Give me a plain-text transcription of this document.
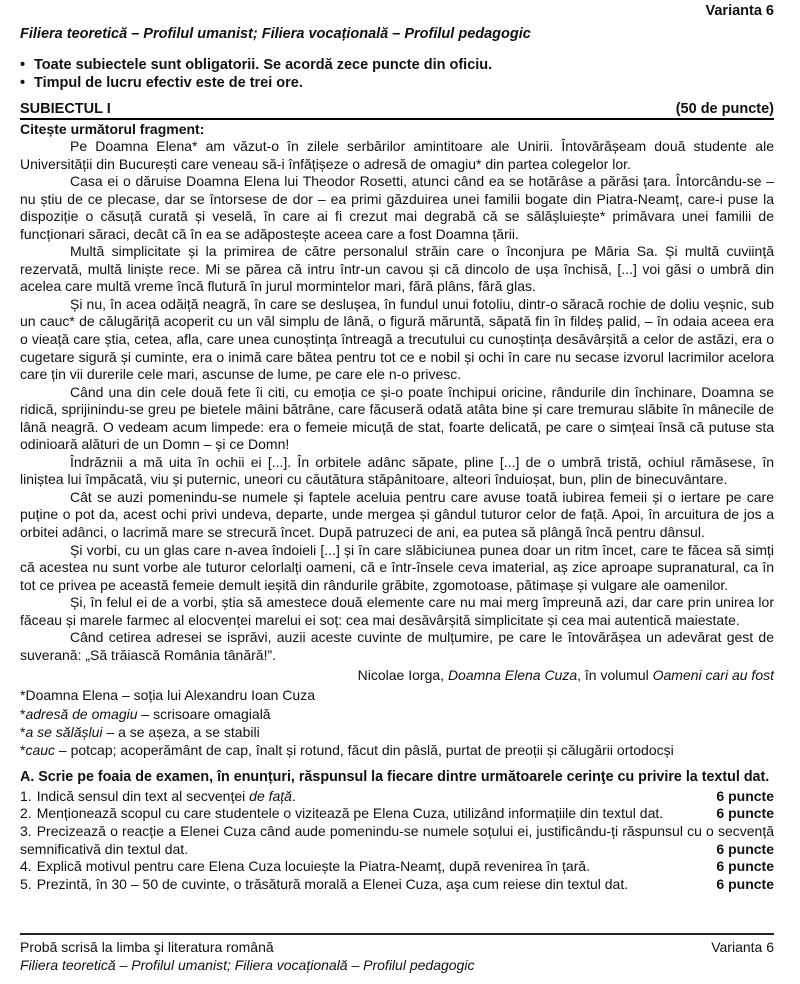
Varianta 6
Filiera teoretică – Profilul umanist; Filiera vocațională – Profilul pedagogic
• Toate subiectele sunt obligatorii. Se acordă zece puncte din oficiu.
• Timpul de lucru efectiv este de trei ore.
SUBIECTUL I	(50 de puncte)
Citește următorul fragment:

Pe Doamna Elena* am văzut-o în zilele serbărilor amintitoare ale Unirii. Întovărășeam două studente ale Universității din București care veneau să-i înfățișeze o adresă de omagiu* din partea colegelor lor.

Casa ei o dăruise Doamna Elena lui Theodor Rosetti, atunci când ea se hotărâse a părăsi țara. Întorcându-se – nu știu de ce plecase, dar se întorsese de dor – ea primi găzduirea unei familii bogate din Piatra-Neamț, care-i puse la dispoziție o căsuță curată și veselă, în care ai fi crezut mai degrabă că se sălășluiește* primăvara unei familii de funcționari săraci, decât că în ea se adăpostește aceea care a fost Doamna țării.

Multă simplicitate și la primirea de către personalul străin care o înconjura pe Măria Sa. Și multă cuviință rezervată, multă liniște rece. Mi se părea că intru într-un cavou și că dincolo de ușa închisă, [...] voi găsi o umbră din acelea care multă vreme încă flutură în jurul mormintelor mari, fără plâns, fără glas.

Și nu, în acea odăiță neagră, în care se deslușea, în fundul unui fotoliu, dintr-o săracă rochie de doliu veșnic, sub un cauc* de călugăriță acoperit cu un văl simplu de lână, o figură măruntă, săpată fin în fildeș palid, – în odaia aceea era o vieață care știa, cetea, afla, care unea cunoștința întreagă a trecutului cu cunoștința desăvârșită a celor de astăzi, era o cugetare sigură și cuminte, era o inimă care bătea pentru tot ce e nobil și ochi în care nu secase izvorul lacrimilor acelora care țin vii durerile cele mari, ascunse de lume, pe care ele n-o privesc.

Când una din cele două fete îi citi, cu emoția ce și-o poate închipui oricine, rândurile din închinare, Doamna se ridică, sprijinindu-se greu pe bietele mâini bătrâne, care făcuseră odată atâta bine și care tremurau slăbite în mânecile de lână neagră. O vedeam acum limpede: era o femeie micuță de stat, foarte delicată, pe care o simțeai însă că putuse sta odinioară alături de un Domn – și ce Domn!

Îndrăznii a mă uita în ochii ei [...]. În orbitele adânc săpate, pline [...] de o umbră tristă, ochiul rămăsese, în liniștea lui împăcată, viu și puternic, uneori cu căutătura stăpânitoare, alteori înduioșat, bun, plin de binecuvântare.

Cât se auzi pomenindu-se numele și faptele aceluia pentru care avuse toată iubirea femeii și o iertare pe care puține o pot da, acest ochi privi undeva, departe, unde mergea și gândul tuturor celor de față. Apoi, în arcuitura de jos a orbitei adânci, o lacrimă mare se strecură încet. După patruzeci de ani, ea putea să plângă încă pentru dânsul.

Și vorbi, cu un glas care n-avea îndoieli [...] și în care slăbiciunea punea doar un ritm încet, care te făcea să simți că acestea nu sunt vorbe ale tuturor celorlalți oameni, că e într-însele ceva imaterial, aș zice aproape supranatural, ca în tot ce privea pe această femeie demult ieșită din rândurile grăbite, zgomotoase, pătimașe și vulgare ale oamenilor.

Și, în felul ei de a vorbi, știa să amestece două elemente care nu mai merg împreună azi, dar care prin unirea lor făceau și marele farmec al elocvenței marelui ei soț: cea mai desăvârșită simplicitate și cea mai autentică maiestate.

Când cetirea adresei se isprăvi, auzii aceste cuvinte de mulțumire, pe care le întovărășea un adevărat gest de suverană: „Să trăiască România tânără!”.

Nicolae Iorga, Doamna Elena Cuza, în volumul Oameni cari au fost
*Doamna Elena – soția lui Alexandru Ioan Cuza
*adresă de omagiu – scrisoare omagială
*a se sălășlui – a se așeza, a se stabili
*cauc – potcap; acoperământ de cap, înalt și rotund, făcut din pâslă, purtat de preoții și călugării ortodocși
A. Scrie pe foaia de examen, în enunțuri, răspunsul la fiecare dintre următoarele cerinţe cu privire la textul dat.
1. Indică sensul din text al secvenței de față.	6 puncte
2. Menționează scopul cu care studentele o vizitează pe Elena Cuza, utilizând informațiile din textul dat.	6 puncte
3. Precizează o reacție a Elenei Cuza când aude pomenindu-se numele soțului ei, justificându-ți răspunsul cu o secvență semnificativă din textul dat.	6 puncte
4. Explică motivul pentru care Elena Cuza locuiește la Piatra-Neamț, după revenirea în țară.	6 puncte
5. Prezintă, în 30 – 50 de cuvinte, o trăsătură morală a Elenei Cuza, aşa cum reiese din textul dat.	6 puncte
Probă scrisă la limba şi literatura română
Filiera teoretică – Profilul umanist; Filiera vocațională – Profilul pedagogic
Varianta 6
